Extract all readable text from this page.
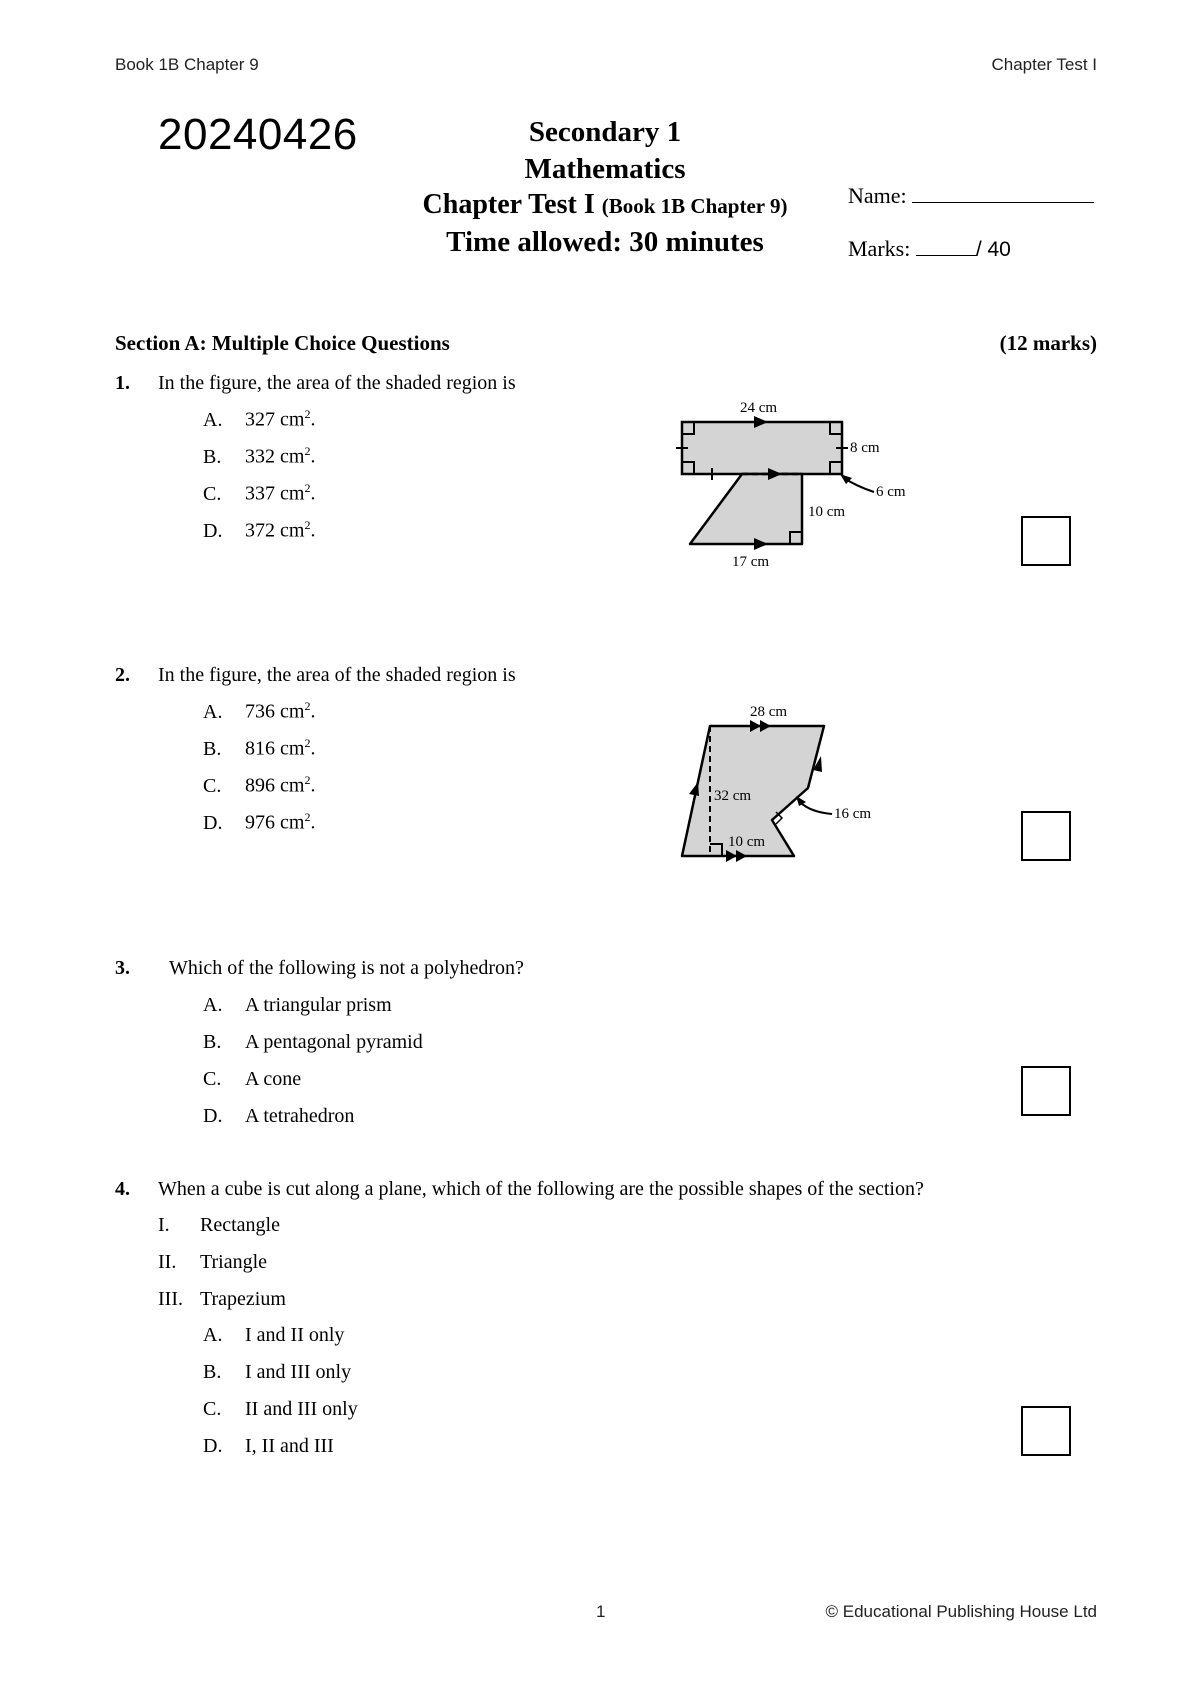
Book 1B Chapter 9	Chapter Test I
20240426	Secondary 1
Mathematics
Chapter Test I (Book 1B Chapter 9)
Time allowed: 30 minutes
Name:
Marks:	/ 40
Section A: Multiple Choice Questions	(12 marks)
1. In the figure, the area of the shaded region is
A. 327 $cm^2$.
B. 332 $cm^2$.
C. 337 $cm^2$.
D. 372 $cm^2$.
24 cm
8 cm
6 cm
10 cm
17 cm
2. In the figure, the area of the shaded region is
A. 736 $cm^2$.
B. 816 $cm^2$.
C. 896 $cm^2$.
D. 976 $cm^2$.
28 cm
32 cm
16 cm
10 cm
3. Which of the following is not a polyhedron?
A. A triangular prism
B. A pentagonal pyramid
C. A cone
D. A tetrahedron
4. When a cube is cut along a plane, which of the following are the possible shapes of the section?
I. Rectangle
II. Triangle
III. Trapezium
A. I and II only
B. I and III only
C. II and III only
D. I, II and III
1	© Educational Publishing House Ltd
